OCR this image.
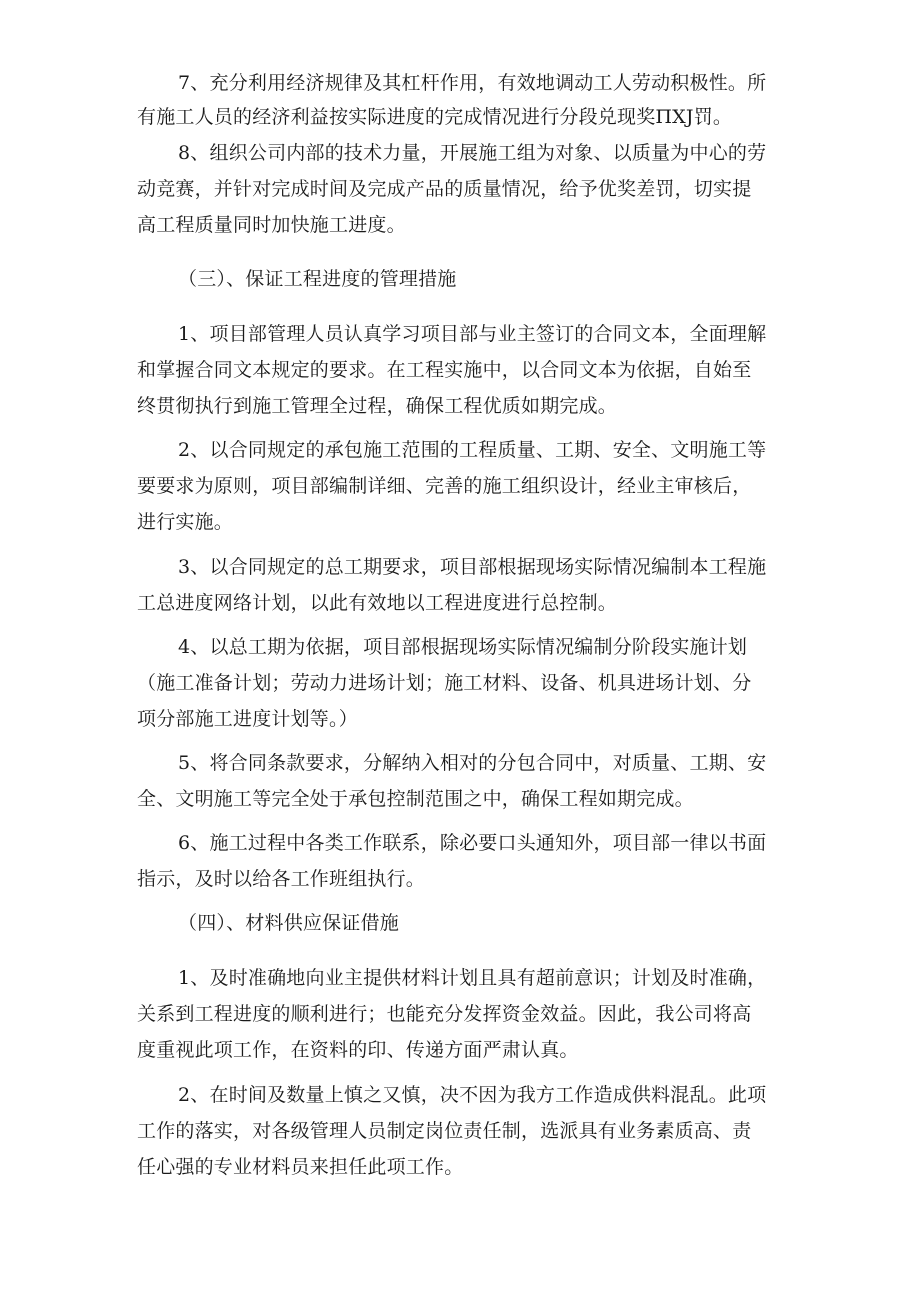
7、充分利用经济规律及其杠杆作用，有效地调动工人劳动积极性。所
有施工人员的经济利益按实际进度的完成情况进行分段兑现奖ΠXJ罚。
8、组织公司内部的技术力量，开展施工组为对象、以质量为中心的劳
动竞赛，并针对完成时间及完成产品的质量情况，给予优奖差罚，切实提
高工程质量同时加快施工进度。
（三）、保证工程进度的管理措施
1、项目部管理人员认真学习项目部与业主签订的合同文本，全面理解
和掌握合同文本规定的要求。在工程实施中，以合同文本为依据，自始至
终贯彻执行到施工管理全过程，确保工程优质如期完成。
2、以合同规定的承包施工范围的工程质量、工期、安全、文明施工等
要要求为原则，项目部编制详细、完善的施工组织设计，经业主审核后，
进行实施。
3、以合同规定的总工期要求，项目部根据现场实际情况编制本工程施
工总进度网络计划，以此有效地以工程进度进行总控制。
4、以总工期为依据，项目部根据现场实际情况编制分阶段实施计划
（施工准备计划；劳动力进场计划；施工材料、设备、机具进场计划、分
项分部施工进度计划等。）
5、将合同条款要求，分解纳入相对的分包合同中，对质量、工期、安
全、文明施工等完全处于承包控制范围之中，确保工程如期完成。
6、施工过程中各类工作联系，除必要口头通知外，项目部一律以书面
指示，及时以给各工作班组执行。
（四）、材料供应保证借施
1、及时准确地向业主提供材料计划且具有超前意识；计划及时准确，
关系到工程进度的顺利进行；也能充分发挥资金效益。因此，我公司将高
度重视此项工作，在资料的印、传递方面严肃认真。
2、在时间及数量上慎之又慎，决不因为我方工作造成供料混乱。此项
工作的落实，对各级管理人员制定岗位责任制，选派具有业务素质高、责
任心强的专业材料员来担任此项工作。
